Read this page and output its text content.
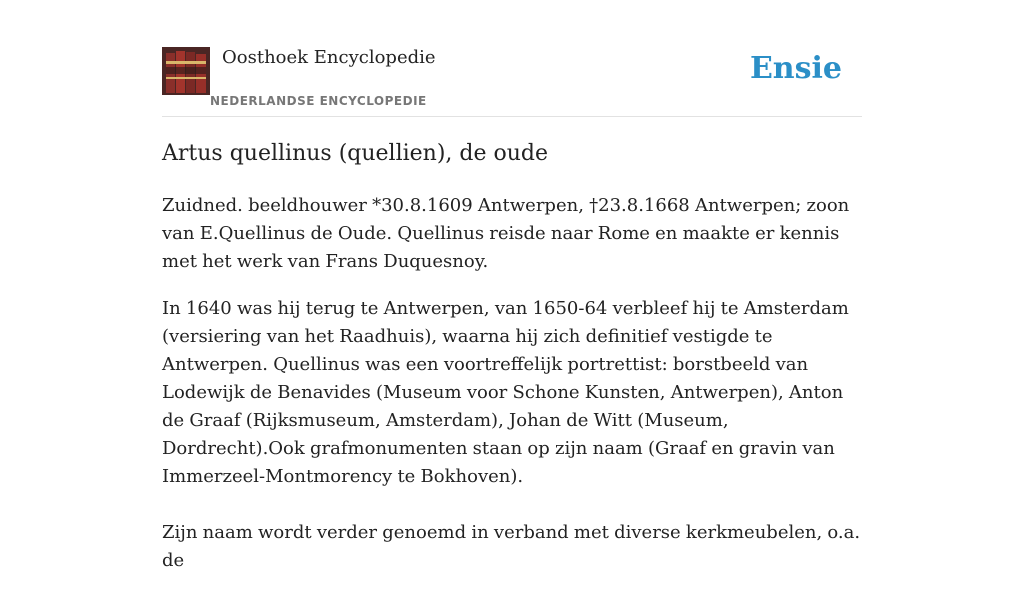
Oosthoek Encyclopedie
NEDERLANDSE ENCYCLOPEDIE
Ensie
Artus quellinus (quellien), de oude

Zuidned. beeldhouwer *30.8.1609 Antwerpen, †23.8.1668 Antwerpen; zoon van E.Quellinus de Oude. Quellinus reisde naar Rome en maakte er kennis met het werk van Frans Duquesnoy.

In 1640 was hij terug te Antwerpen, van 1650-64 verbleef hij te Amsterdam (versiering van het Raadhuis), waarna hij zich definitief vestigde te Antwerpen. Quellinus was een voortreffelijk portrettist: borstbeeld van Lodewijk de Benavides (Museum voor Schone Kunsten, Antwerpen), Anton de Graaf (Rijksmuseum, Amsterdam), Johan de Witt (Museum, Dordrecht).Ook grafmonumenten staan op zijn naam (Graaf en gravin van Immerzeel-Montmorency te Bokhoven).

Zijn naam wordt verder genoemd in verband met diverse kerkmeubelen, o.a. de
